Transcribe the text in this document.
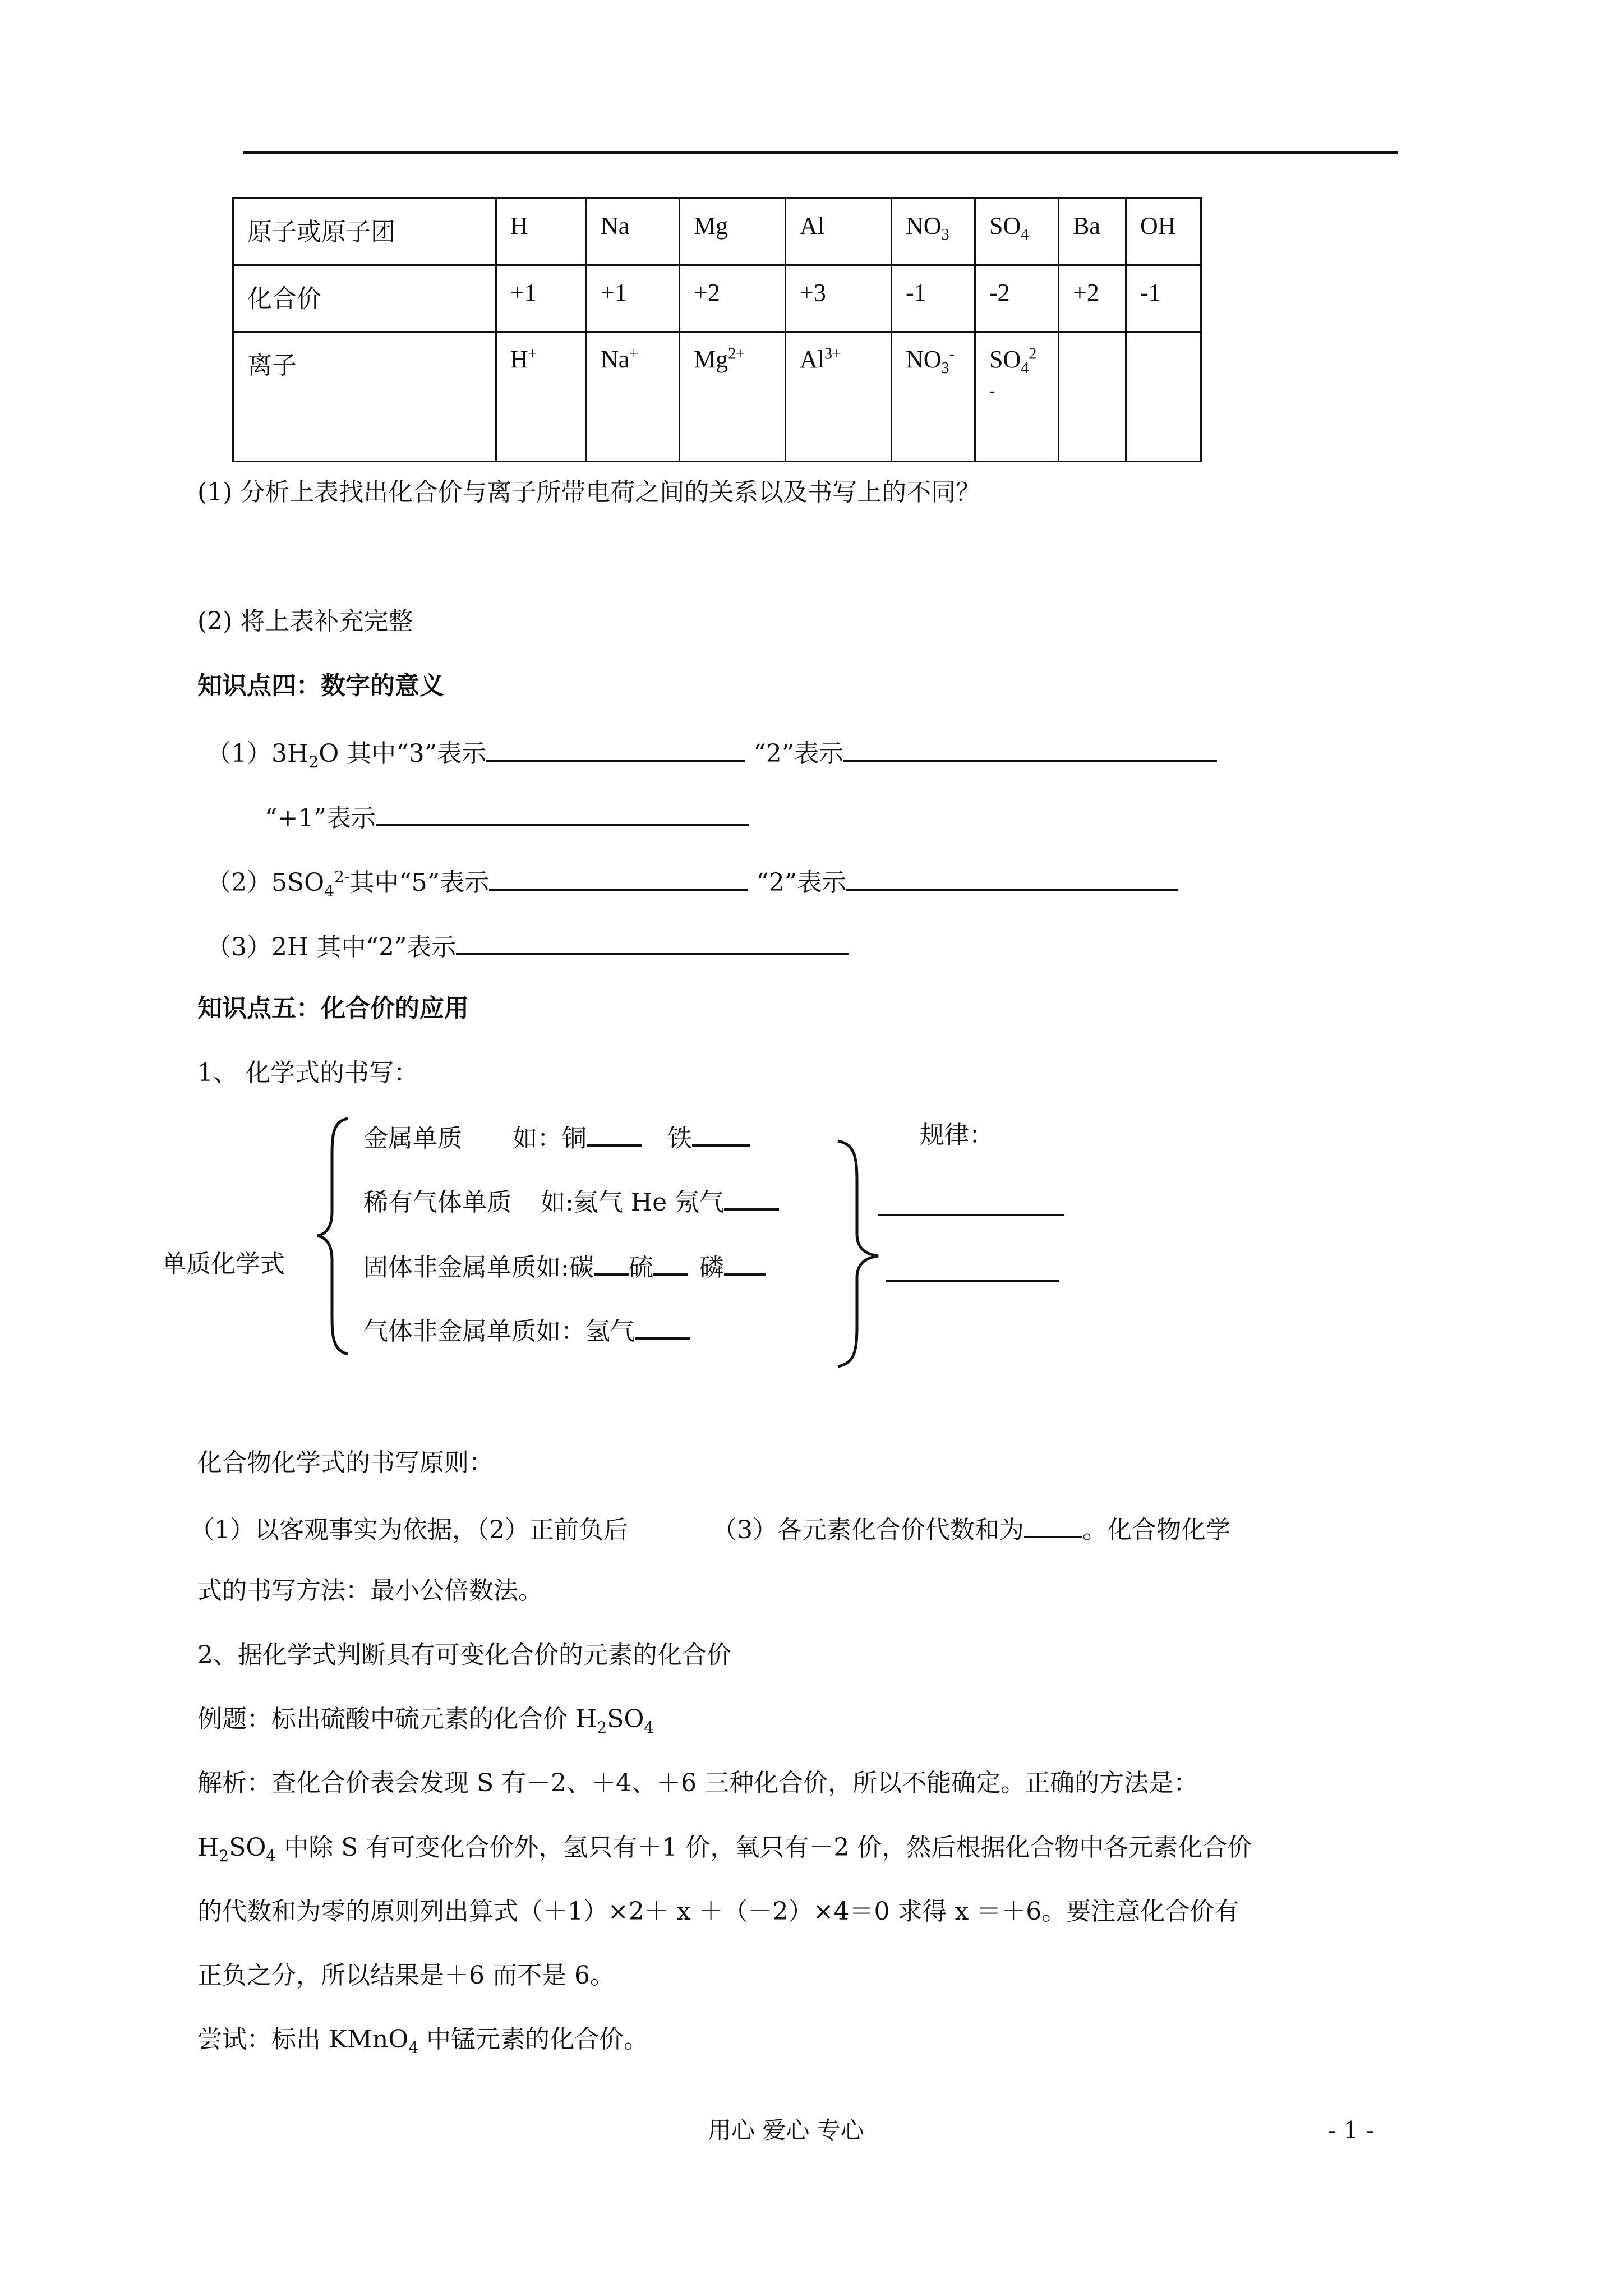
原子或原子团	H	Na	Mg	Al	$NO_3$	$SO_4$	Ba	OH
化合价	+1	+1	+2	+3	-1	-2	+2	-1
离子	H+	Na+	$Mg^{2+}$	$Al^{3+}$	$NO_3^-$	$SO_4^2$
-		
(1) 分析上表找出化合价与离子所带电荷之间的关系以及书写上的不同？
(2) 将上表补充完整
知识点四：数字的意义
$(1)3H_2O$ 其中“3”表示	“2”表示
“+1”表示
$(2)5SO_4^{2-}$其中“5”表示	“2”表示
（3）2H 其中“2”表示
知识点五：化合价的应用
1、 化学式的书写：
单质化学式
金属单质 如：铜	铁	规律：
稀有气体单质 如:氦气 He 氖气
固体非金属单质如:碳 硫 磷
气体非金属单质如：氢气
化合物化学式的书写原则：
（1）以客观事实为依据，（2）正前负后	（3）各元素化合价代数和为 。化合物化学
式的书写方法：最小公倍数法。
2、据化学式判断具有可变化合价的元素的化合价
例题：标出硫酸中硫元素的化合价 $H_2SO_4$
解析：查化合价表会发现 S 有－2、＋4、＋6 三种化合价，所以不能确定。正确的方法是：
$H_2SO_4$ 中除 S 有可变化合价外，氢只有＋1 价，氧只有－2 价，然后根据化合物中各元素化合价
的代数和为零的原则列出算式（＋1）×2＋ x ＋（－2）×4＝0 求得 x ＝＋6。要注意化合价有
正负之分，所以结果是＋6 而不是 6。
尝试：标出 KMnO$_4$ 中锰元素的化合价。
用心 爱心 专心	- 1 -
